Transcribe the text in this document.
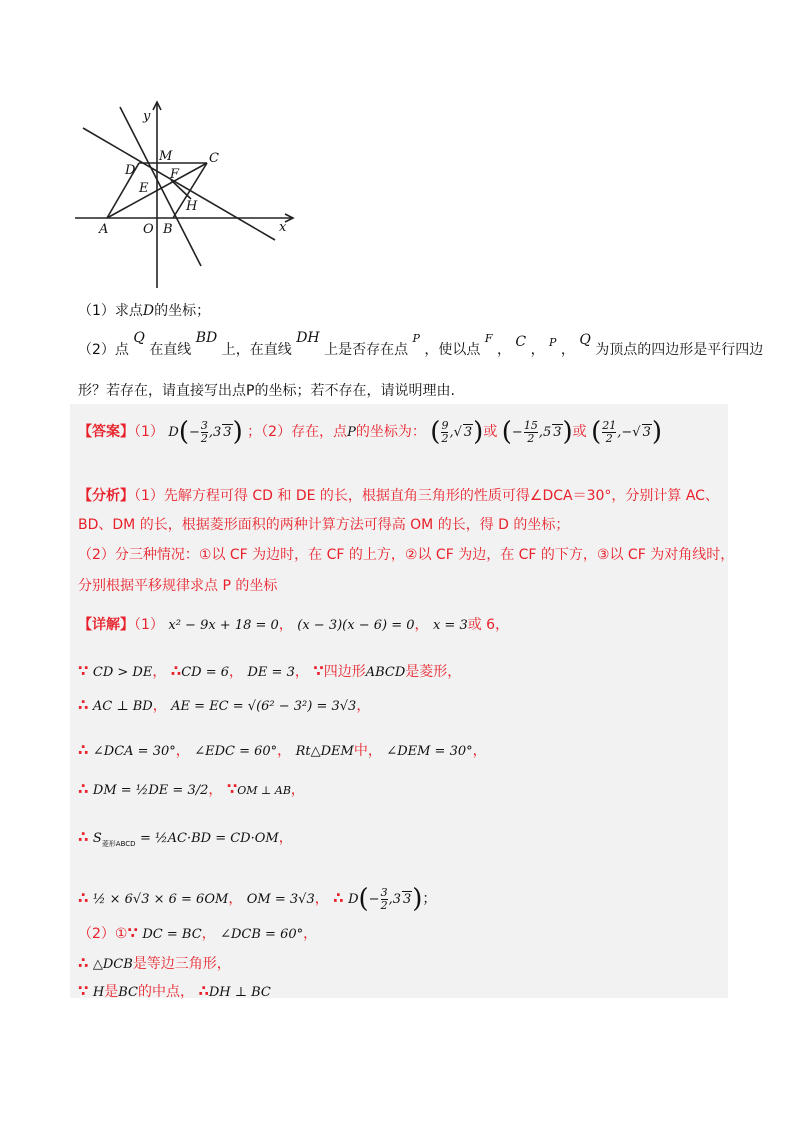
y
x
M	C
D	F
E
H
A	O B
（1）求点D的坐标；
（2）点 Q 在直线 BD 上，在直线 DH 上是否存在点 $^P$ ，使以点 $^F$ ， C ， $^P$ ， Q 为顶点的四边形是平行四边
形？若存在，请直接写出点P的坐标；若不存在，请说明理由.
【答案】（1） $D(- \frac{3}{2} ,3$ 3) ；（2）存在，点P的坐标为： ( $\frac{9}{2}$ ,√ 3)或 (− $\frac{15}{2} ,5$ 3)或 ( $\frac{21}{2}$ ,−√ 3)
【分析】（1）先解方程可得 CD 和 DE 的长，根据直角三角形的性质可得∠DCA＝30°，分别计算 AC、
BD、DM 的长，根据菱形面积的两种计算方法可得高 OM 的长，得 D 的坐标；
（2）分三种情况：①以 CF 为边时，在 CF 的上方，②以 CF 为边，在 CF 的下方，③以 CF 为对角线时，
分别根据平移规律求点 P 的坐标
【详解】（1） x² − 9x + 18 = 0， (x − 3)(x − 6) = 0， x = 3或 6，
∵ CD > DE， ∴CD = 6， DE = 3， ∵四边形ABCD是菱形，
∴ AC ⊥ BD， AE = EC = √(6² − 3²) = 3√3，
∴ ∠DCA = 30°， ∠EDC = 60°， Rt△DEM中， ∠DEM = 30°，
∴ DM = ½DE = 3/2， ∵OM ⊥ AB，
∴ $S_{菱形ABCD}$ = ½AC·BD = CD·OM，
∴ ½ × 6√3 × 6 = 6OM， OM = 3√3， ∴ $D(- \frac{3}{2} ,3$ 3)；
（2）①∵ DC = BC， ∠DCB = 60°，
∴ △DCB是等边三角形，
∵ H是BC的中点， ∴DH ⊥ BC
